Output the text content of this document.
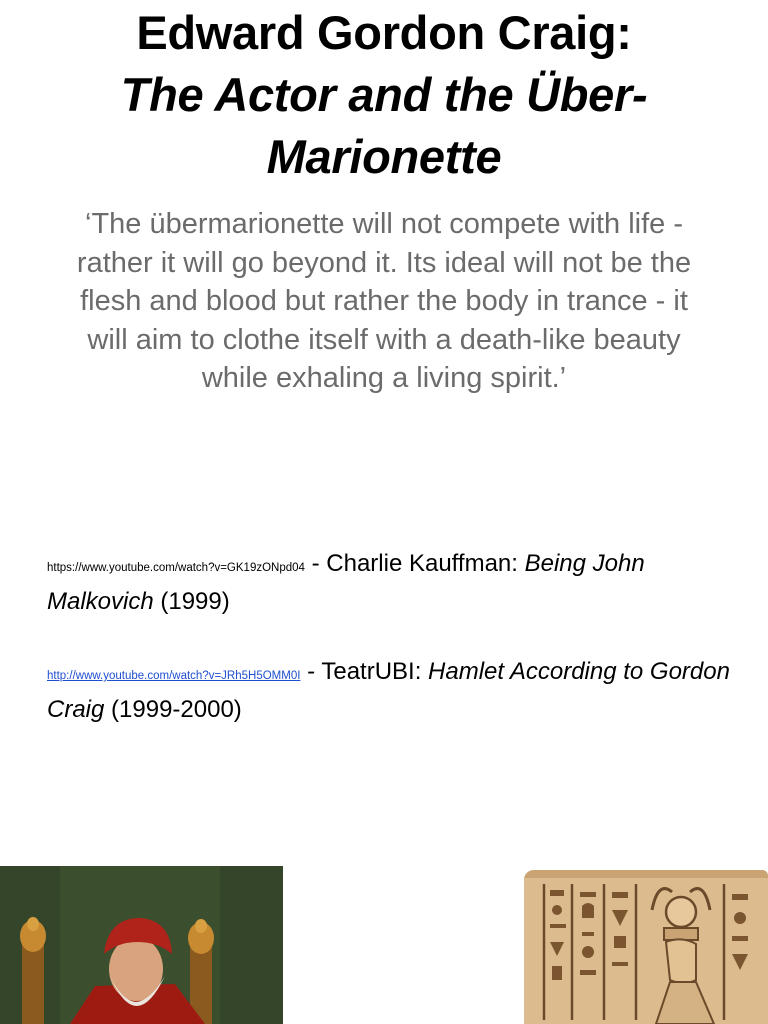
Edward Gordon Craig:
The Actor and the Über-
Marionette
‘The übermarionette will not compete with life - rather it will go beyond it. Its ideal will not be the flesh and blood but rather the body in trance - it will aim to clothe itself with a death-like beauty while exhaling a living spirit.’
https://www.youtube.com/watch?v=GK19zONpd04 - Charlie Kauffman: Being John Malkovich (1999)
http://www.youtube.com/watch?v=JRh5H5OMM0I - TeatrUBI: Hamlet According to Gordon Craig (1999-2000)
